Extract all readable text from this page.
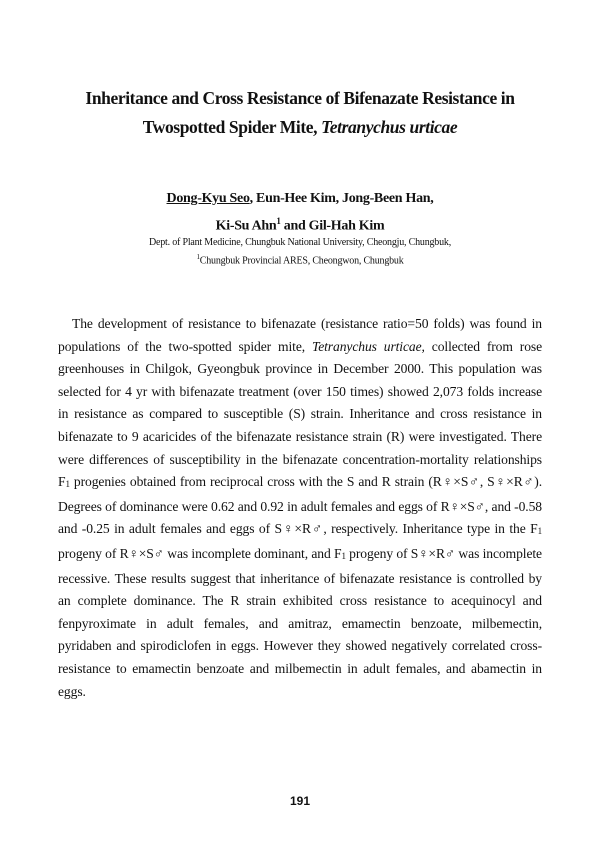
Inheritance and Cross Resistance of Bifenazate Resistance in
Twospotted Spider Mite, Tetranychus urticae
Dong-Kyu Seo, Eun-Hee Kim, Jong-Been Han,
Ki-Su Ahn$^1$ and Gil-Hah Kim
Dept. of Plant Medicine, Chungbuk National University, Cheongju, Chungbuk,
$^1$Chungbuk Provincial ARES, Cheongwon, Chungbuk

The development of resistance to bifenazate (resistance ratio=50 folds) was found in populations of the two-spotted spider mite, Tetranychus urticae, collected from rose greenhouses in Chilgok, Gyeongbuk province in December 2000. This population was selected for 4 yr with bifenazate treatment (over 150 times) showed 2,073 folds increase in resistance as compared to susceptible (S) strain. Inheritance and cross resistance in bifenazate to 9 acaricides of the bifenazate resistance strain (R) were investigated. There were differences of susceptibility in the bifenazate concentration-mortality relationships F1 progenies obtained from reciprocal cross with the S and R strain (R♀×S♂, S♀×R♂). Degrees of dominance were 0.62 and 0.92 in adult females and eggs of R♀×S♂, and -0.58 and -0.25 in adult females and eggs of S♀×R♂, respectively. Inheritance type in the F1 progeny of R♀×S♂ was incomplete dominant, and F1 progeny of S♀×R♂ was incomplete recessive. These results suggest that inheritance of bifenazate resistance is controlled by an complete dominance. The R strain exhibited cross resistance to acequinocyl and fenpyroximate in adult females, and amitraz, emamectin benzoate, milbemectin, pyridaben and spirodiclofen in eggs. However they showed negatively correlated cross-resistance to emamectin benzoate and milbemectin in adult females, and abamectin in eggs.

191
